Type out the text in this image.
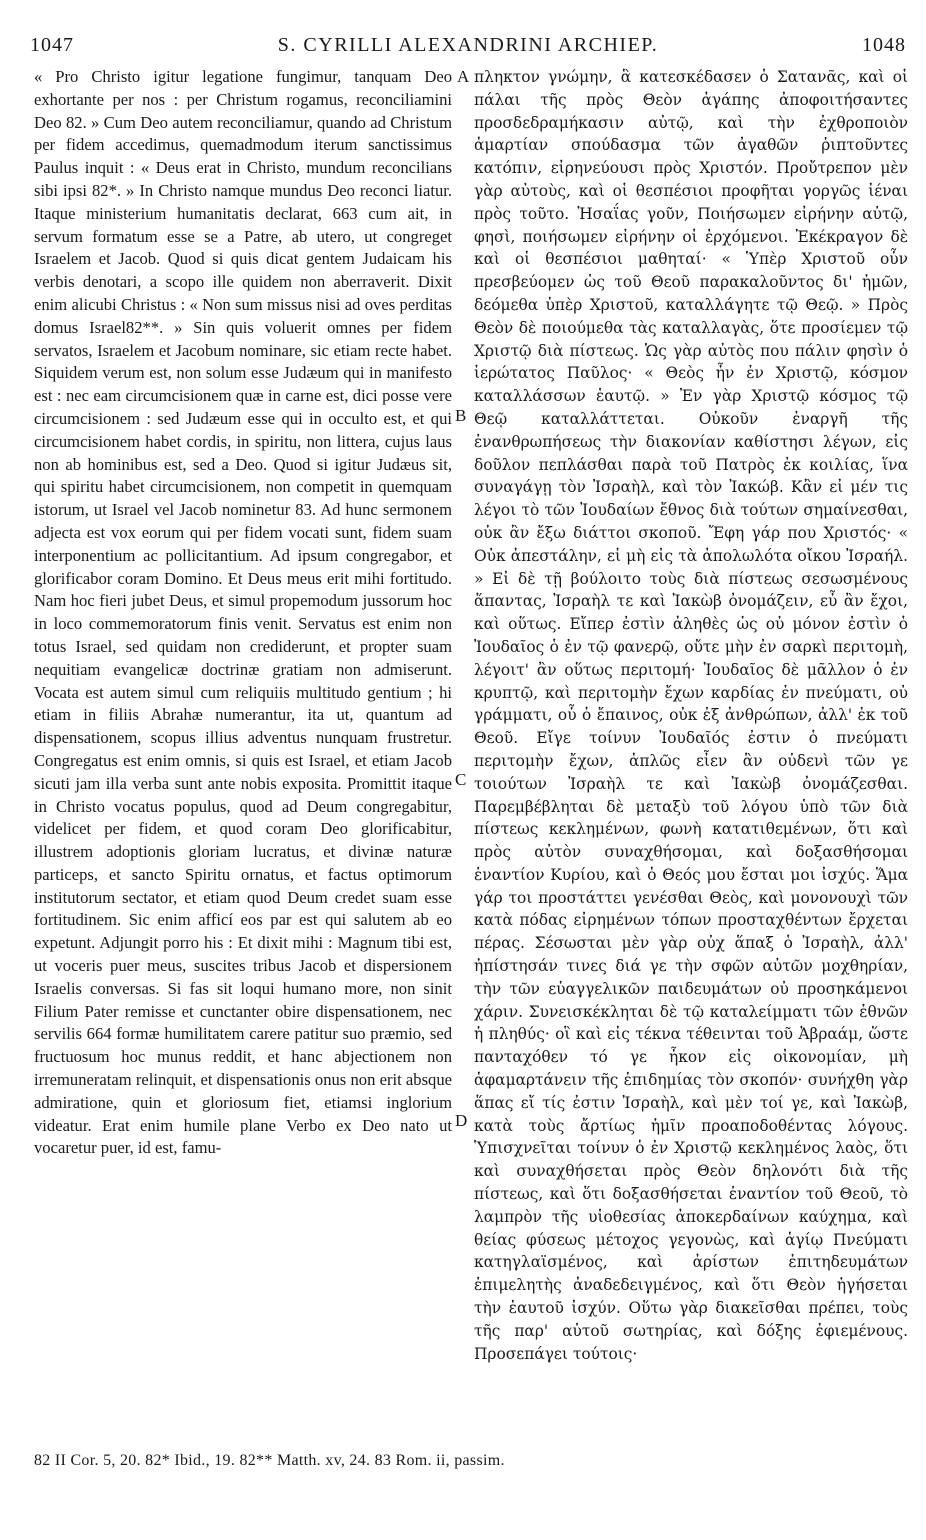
1047	S. CYRILLI ALEXANDRINI ARCHIEP.	1048

« Pro Christo igitur legatione fungimur, tanquam Deo exhortante per nos : per Christum rogamus, reconciliamini Deo 82. » Cum Deo autem reconciliamur, quando ad Christum per fidem accedimus, quemadmodum iterum sanctissimus Paulus inquit : « Deus erat in Christo, mundum reconcilians sibi ipsi 82*. » In Christo namque mundus Deo reconci liatur. Itaque ministerium humanitatis declarat, 663 cum ait, in servum formatum esse se a Patre, ab utero, ut congreget Israelem et Jacob. Quod si quis dicat gentem Judaicam his verbis denotari, a scopo ille quidem non aberraverit. Dixit enim alicubi Christus : « Non sum missus nisi ad oves perditas domus Israel82**. » Sin quis voluerit omnes per fidem servatos, Israelem et Jacobum nominare, sic etiam recte habet. Siquidem verum est, non solum esse Judæum qui in manifesto est : nec eam circumcisionem quæ in carne est, dici posse vere circumcisionem : sed Judæum esse qui in occulto est, et qui circumcisionem habet cordis, in spiritu, non littera, cujus laus non ab hominibus est, sed a Deo. Quod si igitur Judæus sit, qui spiritu habet circumcisionem, non competit in quemquam istorum, ut Israel vel Jacob nominetur 83. Ad hunc sermonem adjecta est vox eorum qui per fidem vocati sunt, fidem suam interponentium ac pollicitantium. Ad ipsum congregabor, et glorificabor coram Domino. Et Deus meus erit mihi fortitudo. Nam hoc fieri jubet Deus, et simul propemodum jussorum hoc in loco commemoratorum finis venit. Servatus est enim non totus Israel, sed quidam non crediderunt, et propter suam nequitiam evangelicæ doctrinæ gratiam non admiserunt. Vocata est autem simul cum reliquiis multitudo gentium ; hi etiam in filiis Abrahæ numerantur, ita ut, quantum ad dispensationem, scopus illius adventus nunquam frustretur. Congregatus est enim omnis, si quis est Israel, et etiam Jacob sicuti jam illa verba sunt ante nobis exposita. Promittit itaque in Christo vocatus populus, quod ad Deum congregabitur, videlicet per fidem, et quod coram Deo glorificabitur, illustrem adoptionis gloriam lucratus, et divinæ naturæ particeps, et sancto Spiritu ornatus, et factus optimorum institutorum sectator, et etiam quod Deum credet suam esse fortitudinem. Sic enim afficí eos par est qui salutem ab eo expetunt. Adjungit porro his : Et dixit mihi : Magnum tibi est, ut voceris puer meus, suscites tribus Jacob et dispersionem Israelis conversas. Si fas sit loqui humano more, non sinit Filium Pater remisse et cunctanter obire dispensationem, nec servilis 664 formæ humilitatem carere patitur suo præmio, sed fructuosum hoc munus reddit, et hanc abjectionem non irremuneratam relinquit, et dispensationis onus non erit absque admiratione, quin et gloriosum fiet, etiamsi inglorium videatur. Erat enim humile plane Verbo ex Deo nato ut vocaretur puer, id est, famu-

A
B
C
D

πληκτον γνώμην, ἃ κατεσκέδασεν ὁ Σατανᾶς, καὶ οἱ πάλαι τῆς πρὸς Θεὸν ἀγάπης ἀποφοιτήσαντες προσδεδραμήκασιν αὐτῷ, καὶ τὴν ἐχθροποιὸν ἁμαρτίαν σπούδασμα τῶν ἀγαθῶν ῥιπτοῦντες κατόπιν, εἰρηνεύουσι πρὸς Χριστόν. Προὔτρεπον μὲν γὰρ αὐτοὺς, καὶ οἱ θεσπέσιοι προφῆται γοργῶς ἰέναι πρὸς τοῦτο. Ἡσαΐας γοῦν, Ποιήσωμεν εἰρήνην αὐτῷ, φησὶ, ποιήσωμεν εἰρήνην οἱ ἐρχόμενοι. Ἐκέκραγον δὲ καὶ οἱ θεσπέσιοι μαθηταί· « Ὑπὲρ Χριστοῦ οὖν πρεσβεύομεν ὡς τοῦ Θεοῦ παρακαλοῦντος δι' ἡμῶν, δεόμεθα ὑπὲρ Χριστοῦ, καταλλάγητε τῷ Θεῷ. » Πρὸς Θεὸν δὲ ποιούμεθα τὰς καταλλαγὰς, ὅτε προσίεμεν τῷ Χριστῷ διὰ πίστεως. Ὡς γὰρ αὐτὸς που πάλιν φησὶν ὁ ἱερώτατος Παῦλος· « Θεὸς ἦν ἐν Χριστῷ, κόσμον καταλλάσσων ἑαυτῷ. » Ἐν γὰρ Χριστῷ κόσμος τῷ Θεῷ καταλλάττεται. Οὐκοῦν ἐναργῆ τῆς ἐνανθρωπήσεως τὴν διακονίαν καθίστησι λέγων, εἰς δοῦλον πεπλάσθαι παρὰ τοῦ Πατρὸς ἐκ κοιλίας, ἵνα συναγάγῃ τὸν Ἰσραὴλ, καὶ τὸν Ἰακώβ. Κἂν εἰ μέν τις λέγοι τὸ τῶν Ἰουδαίων ἔθνος διὰ τούτων σημαίνεσθαι, οὐκ ἂν ἔξω διάττοι σκοποῦ. Ἔφη γάρ που Χριστός· « Οὐκ ἀπεστάλην, εἰ μὴ εἰς τὰ ἀπολωλότα οἴκου Ἰσραήλ. » Εἰ δὲ τῇ βούλοιτο τοὺς διὰ πίστεως σεσωσμένους ἅπαντας, Ἰσραὴλ τε καὶ Ἰακὼβ ὀνομάζειν, εὖ ἂν ἔχοι, καὶ οὕτως. Εἴπερ ἐστὶν ἀληθὲς ὡς οὐ μόνον ἐστὶν ὁ Ἰουδαῖος ὁ ἐν τῷ φανερῷ, οὔτε μὴν ἐν σαρκὶ περιτομὴ, λέγοιτ' ἂν οὕτως περιτομή· Ἰουδαῖος δὲ μᾶλλον ὁ ἐν κρυπτῷ, καὶ περιτομὴν ἔχων καρδίας ἐν πνεύματι, οὐ γράμματι, οὗ ὁ ἔπαινος, οὐκ ἐξ ἀνθρώπων, ἀλλ' ἐκ τοῦ Θεοῦ. Εἴγε τοίνυν Ἰουδαῖός ἐστιν ὁ πνεύματι περιτομὴν ἔχων, ἁπλῶς εἶεν ἂν οὐδενὶ τῶν γε τοιούτων Ἰσραὴλ τε καὶ Ἰακὼβ ὀνομάζεσθαι. Παρεμβέβληται δὲ μεταξὺ τοῦ λόγου ὑπὸ τῶν διὰ πίστεως κεκλημένων, φωνὴ κατατιθεμένων, ὅτι καὶ πρὸς αὐτὸν συναχθήσομαι, καὶ δοξασθήσομαι ἐναντίον Κυρίου, καὶ ὁ Θεός μου ἔσται μοι ἰσχύς. Ἅμα γάρ τοι προστάττει γενέσθαι Θεὸς, καὶ μονονουχὶ τῶν κατὰ πόδας εἰρημένων τόπων προσταχθέντων ἔρχεται πέρας. Σέσωσται μὲν γὰρ οὐχ ἅπαξ ὁ Ἰσραὴλ, ἀλλ' ἠπίστησάν τινες διά γε τὴν σφῶν αὐτῶν μοχθηρίαν, τὴν τῶν εὐαγγελικῶν παιδευμάτων οὐ προσηκάμενοι χάριν. Συνεισκέκληται δὲ τῷ καταλείμματι τῶν ἐθνῶν ἡ πληθύς· οἳ καὶ εἰς τέκνα τέθεινται τοῦ Ἀβραάμ, ὥστε πανταχόθεν τό γε ἧκον εἰς οἰκονομίαν, μὴ ἁφαμαρτάνειν τῆς ἐπιδημίας τὸν σκοπόν· συνήχθη γὰρ ἅπας εἴ τίς ἐστιν Ἰσραὴλ, καὶ μὲν τοί γε, καὶ Ἰακὼβ, κατὰ τοὺς ἄρτίως ἡμῖν προαποδοθέντας λόγους. Ὑπισχνεῖται τοίνυν ὁ ἐν Χριστῷ κεκλημένος λαὸς, ὅτι καὶ συναχθήσεται πρὸς Θεὸν δηλονότι διὰ τῆς πίστεως, καὶ ὅτι δοξασθήσεται ἐναντίον τοῦ Θεοῦ, τὸ λαμπρὸν τῆς υἱοθεσίας ἀποκερδαίνων καύχημα, καὶ θείας φύσεως μέτοχος γεγονὼς, καὶ ἁγίῳ Πνεύματι κατηγλαϊσμένος, καὶ ἀρίστων ἐπιτηδευμάτων ἐπιμελητὴς ἀναδεδειγμένος, καὶ ὅτι Θεὸν ἡγήσεται τὴν ἑαυτοῦ ἰσχύν. Οὕτω γὰρ διακεῖσθαι πρέπει, τοὺς τῆς παρ' αὐτοῦ σωτηρίας, καὶ δόξης ἐφιεμένους. Προσεπάγει τούτοις·

82 II Cor. 5, 20. 82* Ibid., 19. 82** Matth. xv, 24. 83 Rom. ii, passim.
